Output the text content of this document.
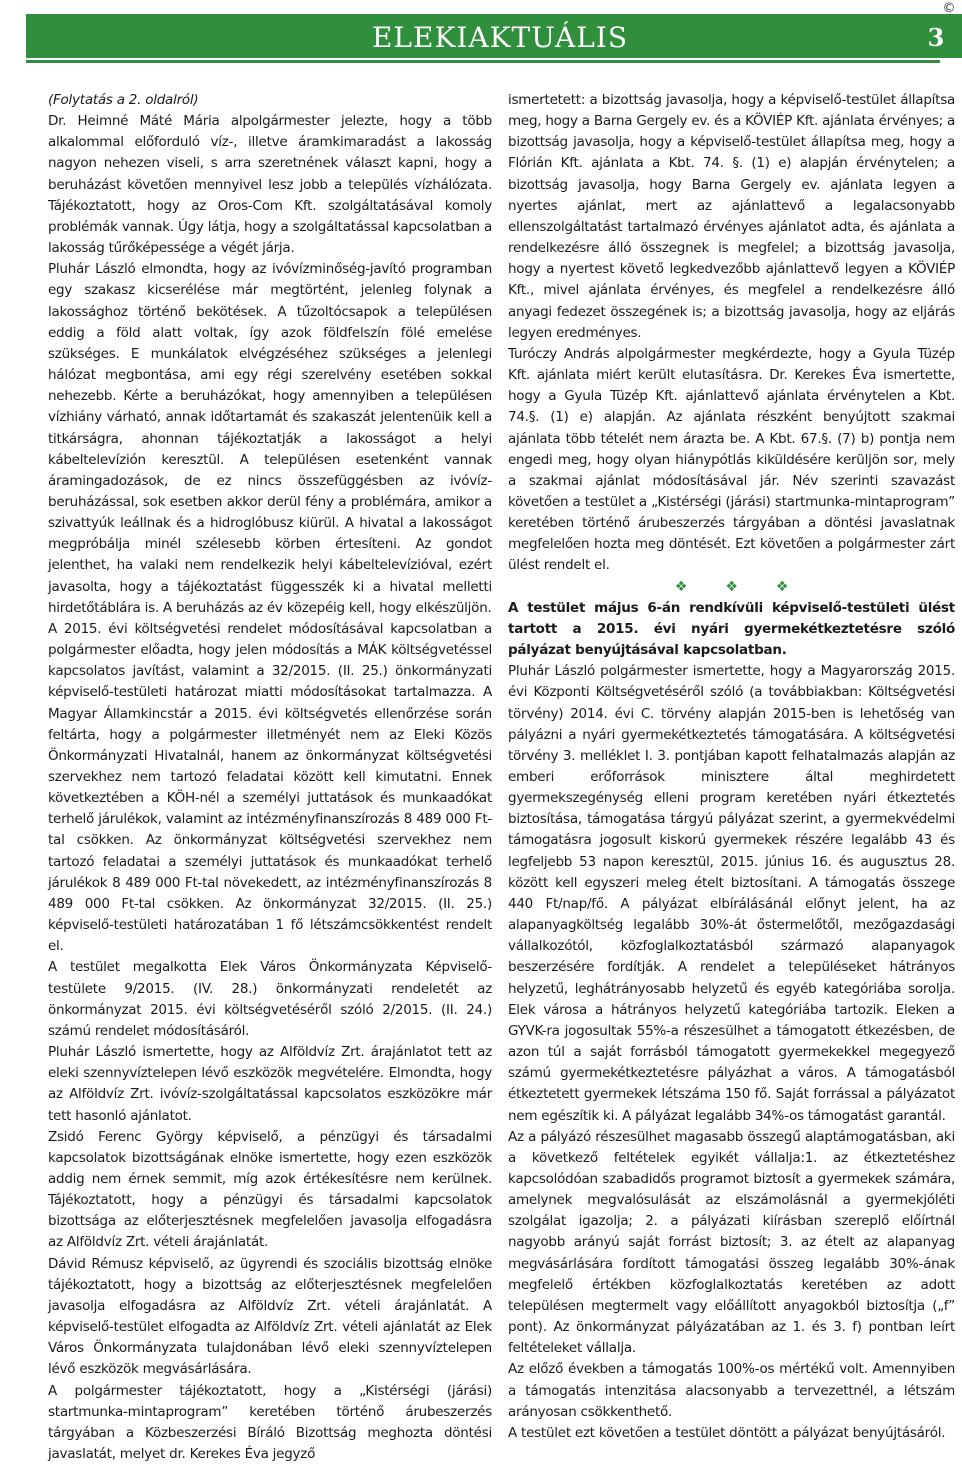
ELEKIAKTUÁLIS	3
©

(Folytatás a 2. oldalról)

Dr. Heimné Máté Mária alpolgármester jelezte, hogy a több alkalommal előforduló víz-, illetve áramkimaradást a lakosság nagyon nehezen viseli, s arra szeretnének választ kapni, hogy a beruházást követően mennyivel lesz jobb a település vízhálózata. Tájékoztatott, hogy az Oros-Com Kft. szolgáltatásával komoly problémák vannak. Úgy látja, hogy a szolgáltatással kapcsolatban a lakosság tűrőképessége a végét járja.

Pluhár László elmondta, hogy az ivóvízminőség-javító programban egy szakasz kicserélése már megtörtént, jelenleg folynak a lakossághoz történő bekötések. A tűzoltócsapok a településen eddig a föld alatt voltak, így azok földfelszín fölé emelése szükséges. E munkálatok elvégzéséhez szükséges a jelenlegi hálózat megbontása, ami egy régi szerelvény esetében sokkal nehezebb. Kérte a beruházókat, hogy amennyiben a településen vízhiány várható, annak időtartamát és szakaszát jelentenüik kell a titkárságra, ahonnan tájékoztatják a lakosságot a helyi kábeltelevízión keresztül. A településen esetenként vannak áramingadozások, de ez nincs összefüggésben az ivóvíz-beruházással, sok esetben akkor derül fény a problémára, amikor a szivattyúk leállnak és a hidroglóbusz kiürül. A hivatal a lakosságot megpróbálja minél szélesebb körben értesíteni. Az gondot jelenthet, ha valaki nem rendelkezik helyi kábeltelevízióval, ezért javasolta, hogy a tájékoztatást függesszék ki a hivatal melletti hirdetőtáblára is. A beruházás az év közepéig kell, hogy elkészüljön.

A 2015. évi költségvetési rendelet módosításával kapcsolatban a polgármester előadta, hogy jelen módosítás a MÁK költségvetéssel kapcsolatos javítást, valamint a 32/2015. (II. 25.) önkormányzati képviselő-testületi határozat miatti módosításokat tartalmazza. A Magyar Államkincstár a 2015. évi költségvetés ellenőrzése során feltárta, hogy a polgármester illetményét nem az Eleki Közös Önkormányzati Hivatalnál, hanem az önkormányzat költségvetési szervekhez nem tartozó feladatai között kell kimutatni. Ennek következtében a KÖH-nél a személyi juttatások és munkaadókat terhelő járulékok, valamint az intézményfinanszírozás 8 489 000 Ft-tal csökken. Az önkormányzat költségvetési szervekhez nem tartozó feladatai a személyi juttatások és munkaadókat terhelő járulékok 8 489 000 Ft-tal növekedett, az intézményfinanszírozás 8 489 000 Ft-tal csökken. Az önkormányzat 32/2015. (II. 25.) képviselő-testületi határozatában 1 fő létszámcsökkentést rendelt el.

A testület megalkotta Elek Város Önkormányzata Képviselő-testülete 9/2015. (IV. 28.) önkormányzati rendeletét az önkormányzat 2015. évi költségvetéséről szóló 2/2015. (II. 24.) számú rendelet módosításáról.

Pluhár László ismertette, hogy az Alföldvíz Zrt. árajánlatot tett az eleki szennyvíztelepen lévő eszközök megvételére. Elmondta, hogy az Alföldvíz Zrt. ivóvíz-szolgáltatással kapcsolatos eszközökre már tett hasonló ajánlatot.

Zsidó Ferenc György képviselő, a pénzügyi és társadalmi kapcsolatok bizottságának elnöke ismertette, hogy ezen eszközök addig nem érnek semmit, míg azok értékesítésre nem kerülnek. Tájékoztatott, hogy a pénzügyi és társadalmi kapcsolatok bizottsága az előterjesztésnek megfelelően javasolja elfogadásra az Alföldvíz Zrt. vételi árajánlatát.

Dávid Rémusz képviselő, az ügyrendi és szociális bizottság elnöke tájékoztatott, hogy a bizottság az előterjesztésnek megfelelően javasolja elfogadásra az Alföldvíz Zrt. vételi árajánlatát. A képviselő-testület elfogadta az Alföldvíz Zrt. vételi ajánlatát az Elek Város Önkormányzata tulajdonában lévő eleki szennyvíztelepen lévő eszközök megvásárlására.

A polgármester tájékoztatott, hogy a „Kistérségi (járási) startmunka-mintaprogram” keretében történő árubeszerzés tárgyában a Közbeszerzési Bíráló Bizottság meghozta döntési javaslatát, melyet dr. Kerekes Éva jegyző

ismertetett: a bizottság javasolja, hogy a képviselő-testület állapítsa meg, hogy a Barna Gergely ev. és a KÖVIÉP Kft. ajánlata érvényes; a bizottság javasolja, hogy a képviselő-testület állapítsa meg, hogy a Flórián Kft. ajánlata a Kbt. 74. §. (1) e) alapján érvénytelen; a bizottság javasolja, hogy Barna Gergely ev. ajánlata legyen a nyertes ajánlat, mert az ajánlattevő a legalacsonyabb ellenszolgáltatást tartalmazó érvényes ajánlatot adta, és ajánlata a rendelkezésre álló összegnek is megfelel; a bizottság javasolja, hogy a nyertest követő legkedvezőbb ajánlattevő legyen a KÖVIÉP Kft., mivel ajánlata érvényes, és megfelel a rendelkezésre álló anyagi fedezet összegének is; a bizottság javasolja, hogy az eljárás legyen eredményes.

Turóczy András alpolgármester megkérdezte, hogy a Gyula Tüzép Kft. ajánlata miért került elutasításra. Dr. Kerekes Éva ismertette, hogy a Gyula Tüzép Kft. ajánlattevő ajánlata érvénytelen a Kbt. 74.§. (1) e) alapján. Az ajánlata részként benyújtott szakmai ajánlata több tételét nem árazta be. A Kbt. 67.§. (7) b) pontja nem engedi meg, hogy olyan hiánypótlás kiküldésére kerüljön sor, mely a szakmai ajánlat módosításával jár. Név szerinti szavazást követően a testület a „Kistérségi (járási) startmunka-mintaprogram” keretében történő árubeszerzés tárgyában a döntési javaslatnak megfelelően hozta meg döntését. Ezt követően a polgármester zárt ülést rendelt el.

❖ ❖ ❖

A testület május 6-án rendkívüli képviselő-testületi ülést tartott a 2015. évi nyári gyermekétkeztetésre szóló pályázat benyújtásával kapcsolatban.

Pluhár László polgármester ismertette, hogy a Magyarország 2015. évi Központi Költségvetéséről szóló (a továbbiakban: Költségvetési törvény) 2014. évi C. törvény alapján 2015-ben is lehetőség van pályázni a nyári gyermekétkeztetés támogatására. A költségvetési törvény 3. melléklet I. 3. pontjában kapott felhatalmazás alapján az emberi erőforrások minisztere által meghirdetett gyermekszegénység elleni program keretében nyári étkeztetés biztosítása, támogatása tárgyú pályázat szerint, a gyermekvédelmi támogatásra jogosult kiskorú gyermekek részére legalább 43 és legfeljebb 53 napon keresztül, 2015. június 16. és augusztus 28. között kell egyszeri meleg ételt biztosítani. A támogatás összege 440 Ft/nap/fő. A pályázat elbírálásánál előnyt jelent, ha az alapanyagköltség legalább 30%-át őstermelőtől, mezőgazdasági vállalkozótól, közfoglalkoztatásból származó alapanyagok beszerzésére fordítják. A rendelet a településeket hátrányos helyzetű, leghátrányosabb helyzetű és egyéb kategóriába sorolja. Elek városa a hátrányos helyzetű kategóriába tartozik. Eleken a GYVK-ra jogosultak 55%-a részesülhet a támogatott étkezésben, de azon túl a saját forrásból támogatott gyermekekkel megegyező számú gyermekétkeztetésre pályázhat a város. A támogatásból étkeztetett gyermekek létszáma 150 fő. Saját forrással a pályázatot nem egészítik ki. A pályázat legalább 34%-os támogatást garantál.

Az a pályázó részesülhet magasabb összegű alaptámogatásban, aki a következő feltételek egyikét vállalja:1. az étkeztetéshez kapcsolódóan szabadidős programot biztosít a gyermekek számára, amelynek megvalósulását az elszámolásnál a gyermekjóléti szolgálat igazolja; 2. a pályázati kiírásban szereplő előírtnál nagyobb arányú saját forrást biztosít; 3. az ételt az alapanyag megvásárlására fordított támogatási összeg legalább 30%-ának megfelelő értékben közfoglalkoztatás keretében az adott településen megtermelt vagy előállított anyagokból biztosítja („f” pont). Az önkormányzat pályázatában az 1. és 3. f) pontban leírt feltételeket vállalja.

Az előző években a támogatás 100%-os mértékű volt. Amennyiben a támogatás intenzitása alacsonyabb a tervezettnél, a létszám arányosan csökkenthető.

A testület ezt követően a testület döntött a pályázat benyújtásáról.
